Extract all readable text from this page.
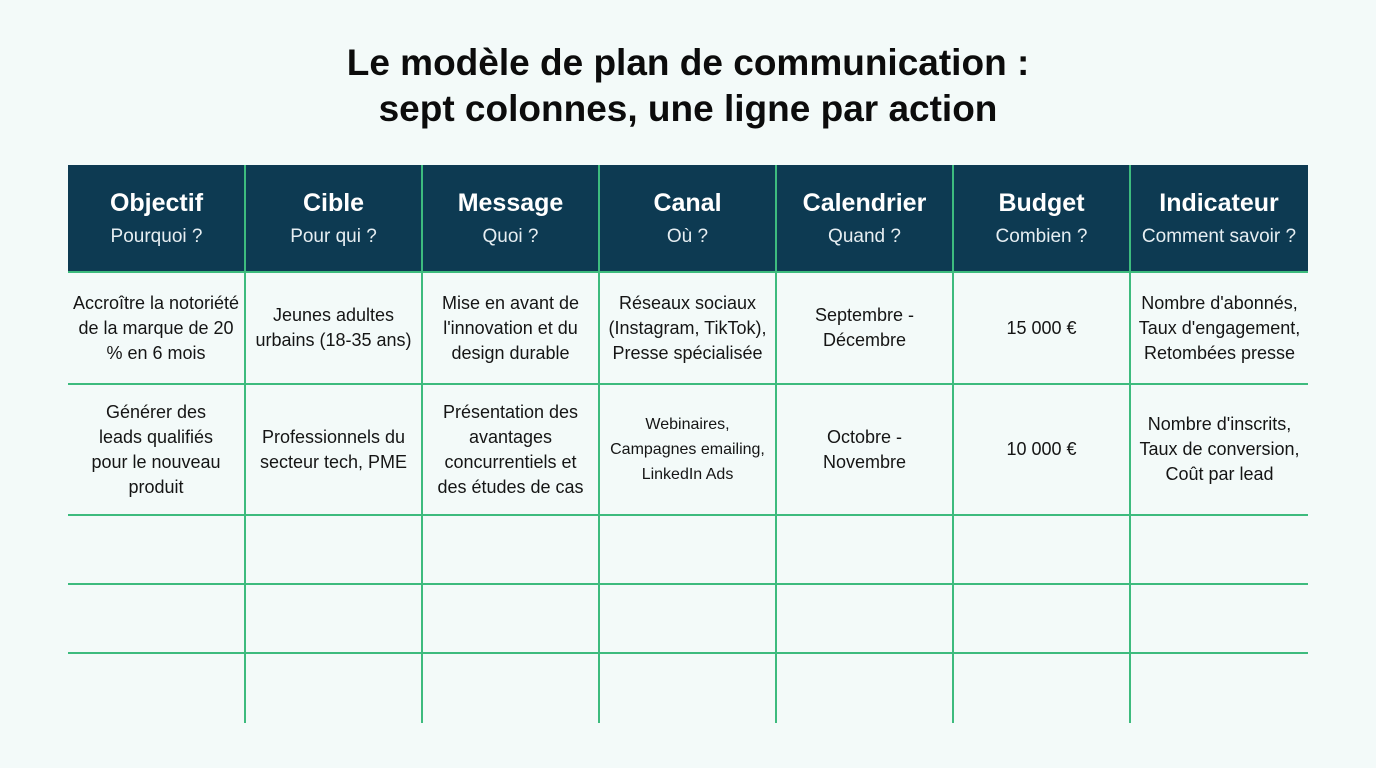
Le modèle de plan de communication :
sept colonnes, une ligne par action
Objectif
Pourquoi ?
Cible
Pour qui ?
Message
Quoi ?
Canal
Où ?
Calendrier
Quand ?
Budget
Combien ?
Indicateur
Comment savoir ?
Accroître la notoriété de la marque de 20 % en 6 mois
Jeunes adultes urbains (18-35 ans)
Mise en avant de l'innovation et du design durable
Réseaux sociaux (Instagram, TikTok), Presse spécialisée
Septembre - Décembre
15 000 €
Nombre d'abonnés, Taux d'engagement, Retombées presse
Générer des leads qualifiés pour le nouveau produit
Professionnels du secteur tech, PME
Présentation des avantages concurrentiels et des études de cas
Webinaires, Campagnes emailing, LinkedIn Ads
Octobre - Novembre
10 000 €
Nombre d'inscrits, Taux de conversion, Coût par lead
